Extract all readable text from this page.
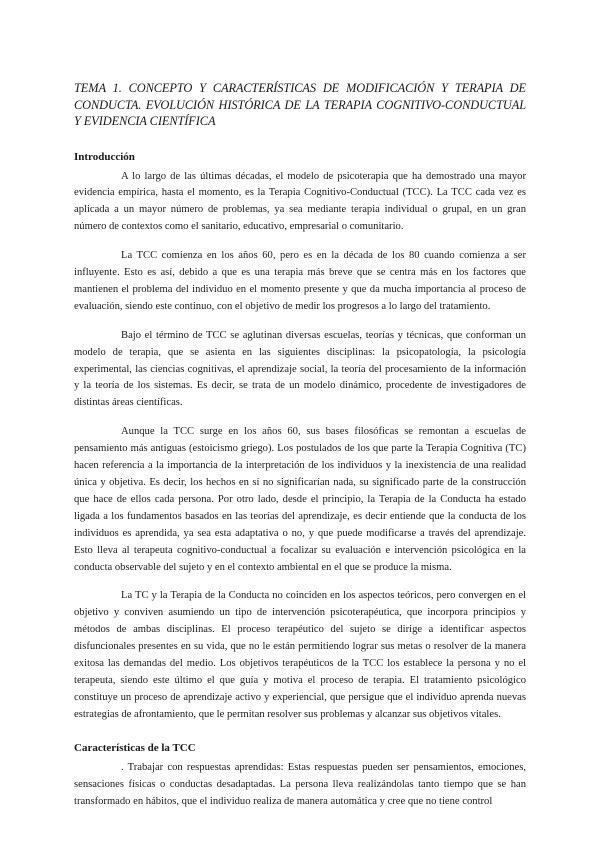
TEMA 1. CONCEPTO Y CARACTERÍSTICAS DE MODIFICACIÓN Y TERAPIA DE CONDUCTA. EVOLUCIÓN HISTÓRICA DE LA TERAPIA COGNITIVO-CONDUCTUAL Y EVIDENCIA CIENTÍFICA

Introducción

A lo largo de las últimas décadas, el modelo de psicoterapia que ha demostrado una mayor evidencia empírica, hasta el momento, es la Terapia Cognitivo-Conductual (TCC). La TCC cada vez es aplicada a un mayor número de problemas, ya sea mediante terapia individual o grupal, en un gran número de contextos como el sanitario, educativo, empresarial o comunitario.

La TCC comienza en los años 60, pero es en la década de los 80 cuando comienza a ser influyente. Esto es así, debido a que es una terapia más breve que se centra más en los factores que mantienen el problema del individuo en el momento presente y que da mucha importancia al proceso de evaluación, siendo este continuo, con el objetivo de medir los progresos a lo largo del tratamiento.

Bajo el término de TCC se aglutinan diversas escuelas, teorías y técnicas, que conforman un modelo de terapia, que se asienta en las siguientes disciplinas: la psicopatología, la psicología experimental, las ciencias cognitivas, el aprendizaje social, la teoría del procesamiento de la información y la teoría de los sistemas. Es decir, se trata de un modelo dinámico, procedente de investigadores de distintas áreas científicas.

Aunque la TCC surge en los años 60, sus bases filosóficas se remontan a escuelas de pensamiento más antiguas (estoicismo griego). Los postulados de los que parte la Terapia Cognitiva (TC) hacen referencia a la importancia de la interpretación de los individuos y la inexistencia de una realidad única y objetiva. Es decir, los hechos en sí no significarían nada, su significado parte de la construcción que hace de ellos cada persona. Por otro lado, desde el principio, la Terapia de la Conducta ha estado ligada a los fundamentos basados en las teorías del aprendizaje, es decir entiende que la conducta de los individuos es aprendida, ya sea esta adaptativa o no, y que puede modificarse a través del aprendizaje. Esto lleva al terapeuta cognitivo-conductual a focalizar su evaluación e intervención psicológica en la conducta observable del sujeto y en el contexto ambiental en el que se produce la misma.

La TC y la Terapia de la Conducta no coinciden en los aspectos teóricos, pero convergen en el objetivo y conviven asumiendo un tipo de intervención psicoterapéutica, que incorpora principios y métodos de ambas disciplinas. El proceso terapéutico del sujeto se dirige a identificar aspectos disfuncionales presentes en su vida, que no le están permitiendo lograr sus metas o resolver de la manera exitosa las demandas del medio. Los objetivos terapéuticos de la TCC los establece la persona y no el terapeuta, siendo este último el que guía y motiva el proceso de terapia. El tratamiento psicológico constituye un proceso de aprendizaje activo y experiencial, que persigue que el individuo aprenda nuevas estrategias de afrontamiento, que le permitan resolver sus problemas y alcanzar sus objetivos vitales.

Características de la TCC

. Trabajar con respuestas aprendidas: Estas respuestas pueden ser pensamientos, emociones, sensaciones físicas o conductas desadaptadas. La persona lleva realizándolas tanto tiempo que se han transformado en hábitos, que el individuo realiza de manera automática y cree que no tiene control
